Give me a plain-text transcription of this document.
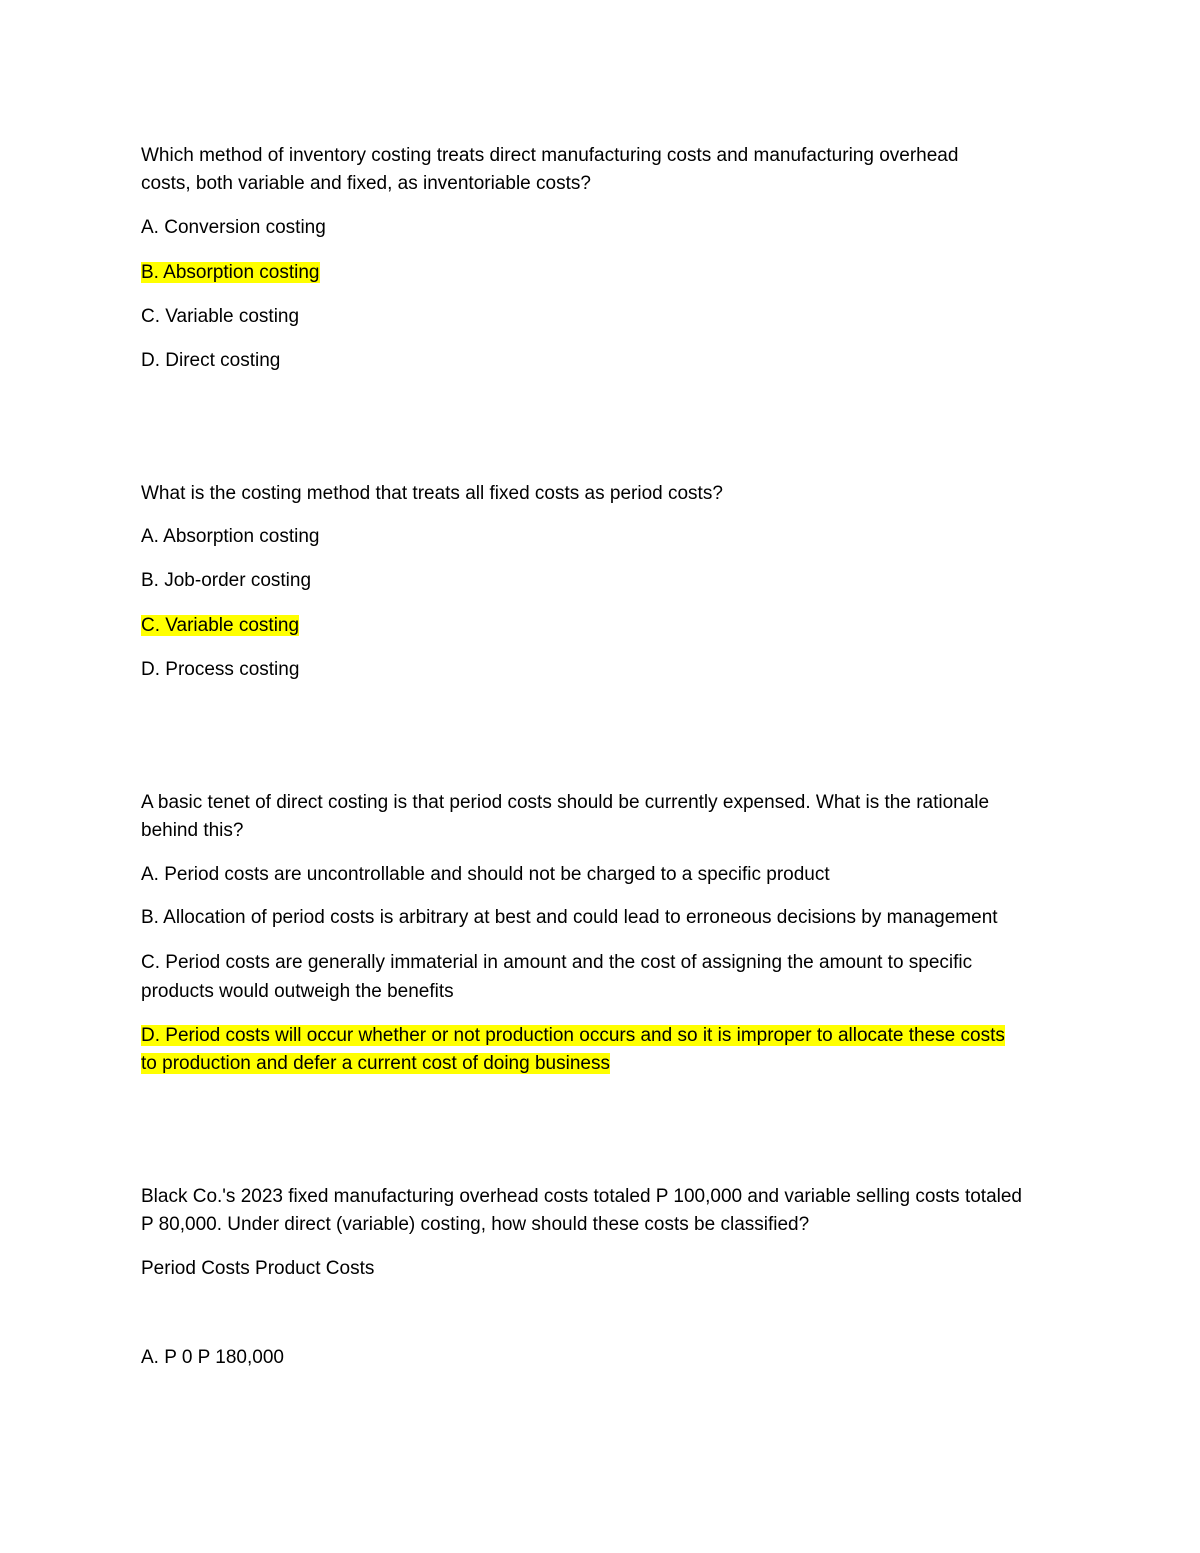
Which method of inventory costing treats direct manufacturing costs and manufacturing overhead
costs, both variable and fixed, as inventoriable costs?
A. Conversion costing
B. Absorption costing
C. Variable costing
D. Direct costing
What is the costing method that treats all fixed costs as period costs?
A. Absorption costing
B. Job-order costing
C. Variable costing
D. Process costing
A basic tenet of direct costing is that period costs should be currently expensed. What is the rationale
behind this?
A. Period costs are uncontrollable and should not be charged to a specific product
B. Allocation of period costs is arbitrary at best and could lead to erroneous decisions by management
C. Period costs are generally immaterial in amount and the cost of assigning the amount to specific
products would outweigh the benefits
D. Period costs will occur whether or not production occurs and so it is improper to allocate these costs
to production and defer a current cost of doing business
Black Co.'s 2023 fixed manufacturing overhead costs totaled P 100,000 and variable selling costs totaled
P 80,000. Under direct (variable) costing, how should these costs be classified?
Period Costs Product Costs
A. P 0 P 180,000
